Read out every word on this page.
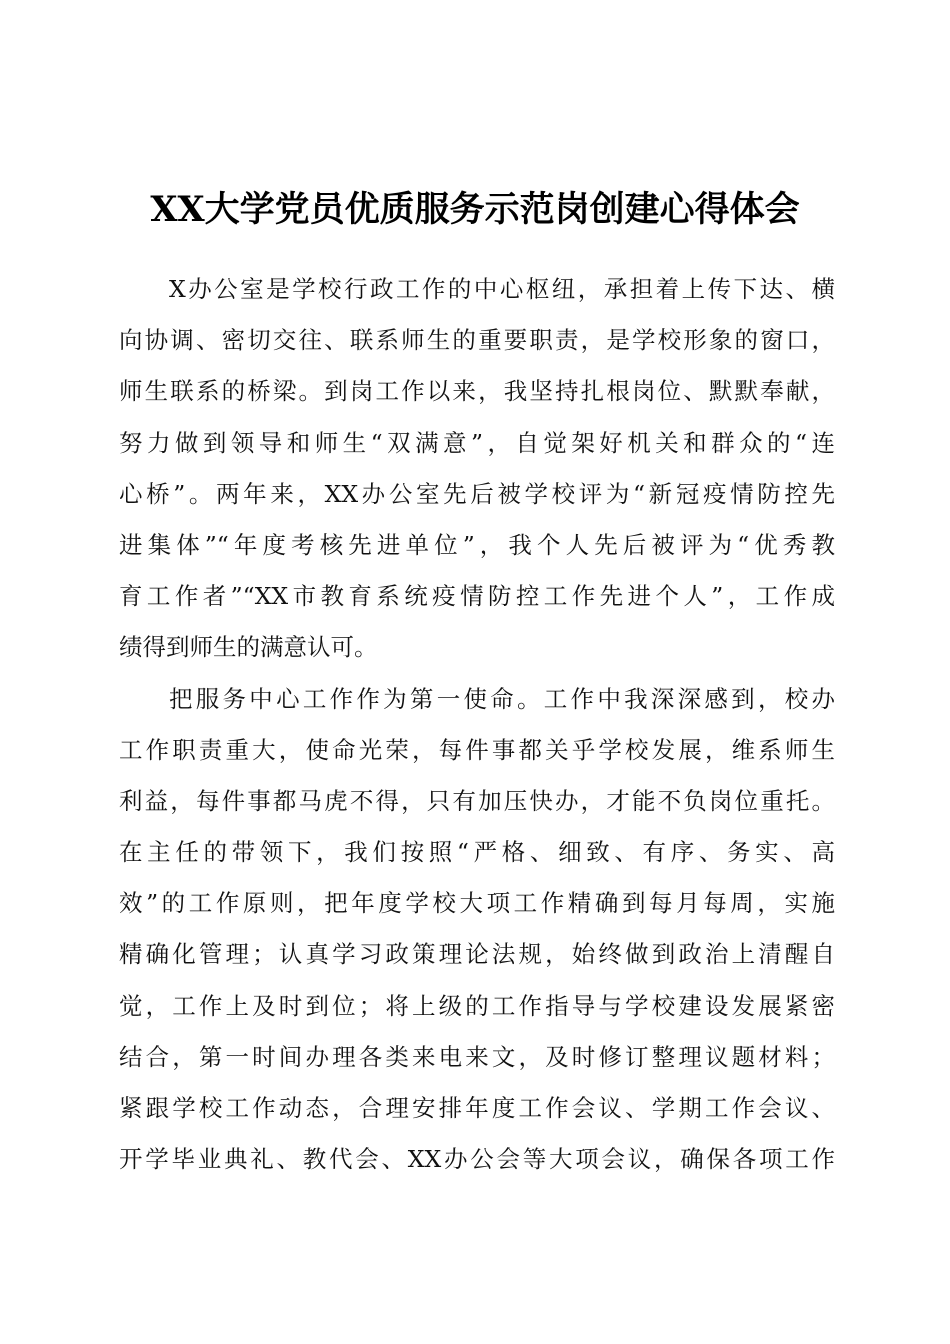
XX大学党员优质服务示范岗创建心得体会
X办公室是学校行政工作的中心枢纽，承担着上传下达、横
向协调、密切交往、联系师生的重要职责，是学校形象的窗口，
师生联系的桥梁。到岗工作以来，我坚持扎根岗位、默默奉献，
努力做到领导和师生“双满意”，自觉架好机关和群众的“连
心桥”。两年来，XX办公室先后被学校评为“新冠疫情防控先
进集体”“年度考核先进单位”，我个人先后被评为“优秀教
育工作者”“XX市教育系统疫情防控工作先进个人”，工作成
绩得到师生的满意认可。
把服务中心工作作为第一使命。工作中我深深感到，校办
工作职责重大，使命光荣，每件事都关乎学校发展，维系师生
利益，每件事都马虎不得，只有加压快办，才能不负岗位重托。
在主任的带领下，我们按照“严格、细致、有序、务实、高
效”的工作原则，把年度学校大项工作精确到每月每周，实施
精确化管理；认真学习政策理论法规，始终做到政治上清醒自
觉，工作上及时到位；将上级的工作指导与学校建设发展紧密
结合，第一时间办理各类来电来文，及时修订整理议题材料；
紧跟学校工作动态，合理安排年度工作会议、学期工作会议、
开学毕业典礼、教代会、XX办公会等大项会议，确保各项工作
